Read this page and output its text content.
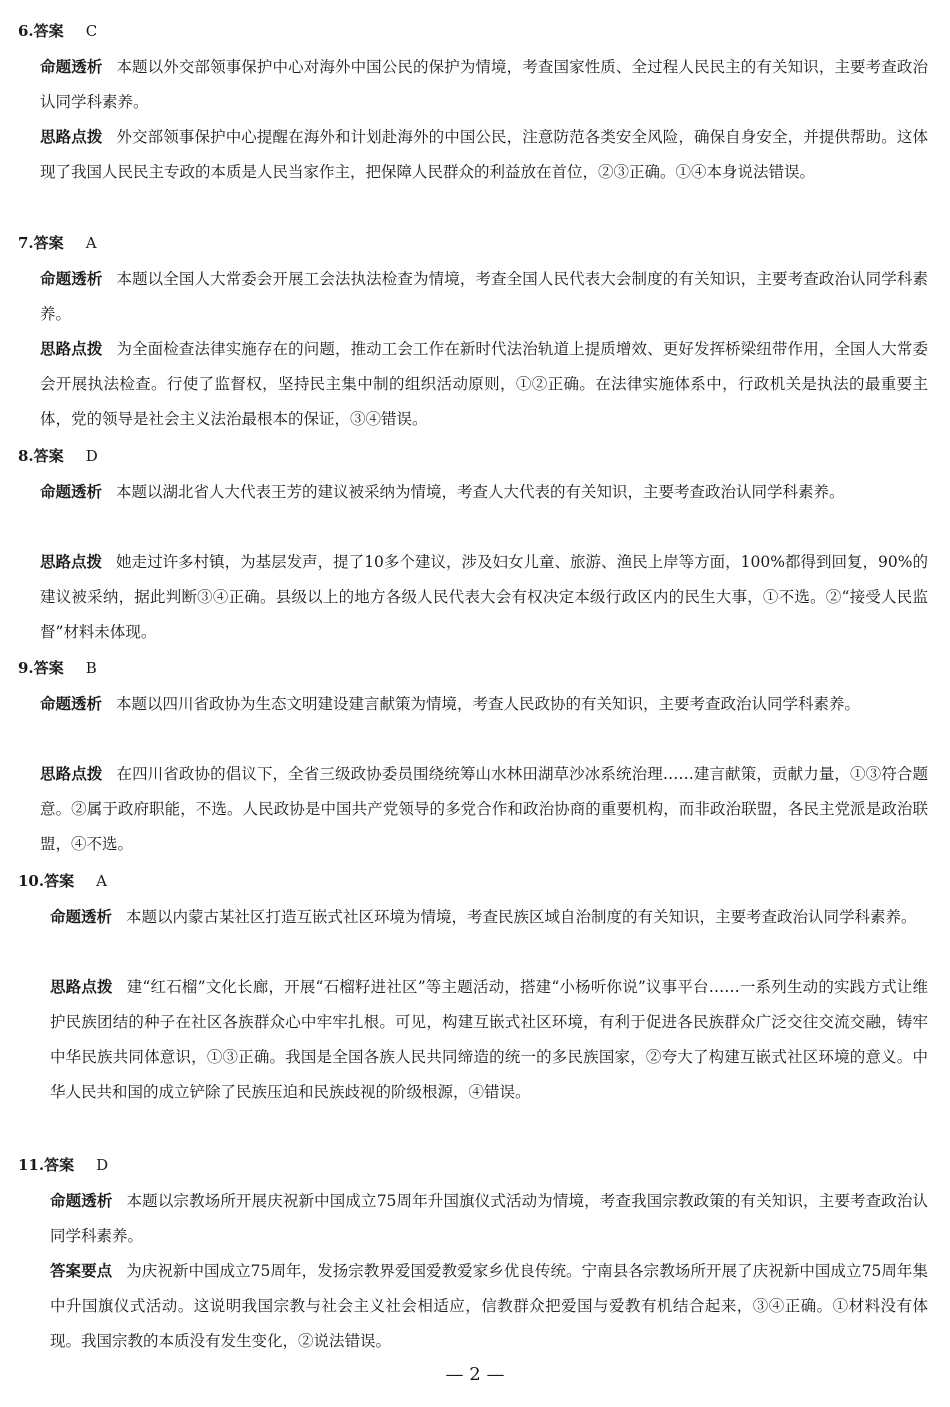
6.答案 C

命题透析 本题以外交部领事保护中心对海外中国公民的保护为情境，考查国家性质、全过程人民民主的有关知识，主要考查政治认同学科素养。

思路点拨 外交部领事保护中心提醒在海外和计划赴海外的中国公民，注意防范各类安全风险，确保自身安全，并提供帮助。这体现了我国人民民主专政的本质是人民当家作主，把保障人民群众的利益放在首位，②③正确。①④本身说法错误。

7.答案 A

命题透析 本题以全国人大常委会开展工会法执法检查为情境，考查全国人民代表大会制度的有关知识，主要考查政治认同学科素养。

思路点拨 为全面检查法律实施存在的问题，推动工会工作在新时代法治轨道上提质增效、更好发挥桥梁纽带作用，全国人大常委会开展执法检查。行使了监督权，坚持民主集中制的组织活动原则，①②正确。在法律实施体系中，行政机关是执法的最重要主体，党的领导是社会主义法治最根本的保证，③④错误。

8.答案 D

命题透析 本题以湖北省人大代表王芳的建议被采纳为情境，考查人大代表的有关知识，主要考查政治认同学科素养。

思路点拨 她走过许多村镇，为基层发声，提了10多个建议，涉及妇女儿童、旅游、渔民上岸等方面，100%都得到回复，90%的建议被采纳，据此判断③④正确。县级以上的地方各级人民代表大会有权决定本级行政区内的民生大事，①不选。②“接受人民监督”材料未体现。

9.答案 B

命题透析 本题以四川省政协为生态文明建设建言献策为情境，考查人民政协的有关知识，主要考查政治认同学科素养。

思路点拨 在四川省政协的倡议下，全省三级政协委员围绕统筹山水林田湖草沙冰系统治理……建言献策，贡献力量，①③符合题意。②属于政府职能，不选。人民政协是中国共产党领导的多党合作和政治协商的重要机构，而非政治联盟，各民主党派是政治联盟，④不选。

10.答案 A

命题透析 本题以内蒙古某社区打造互嵌式社区环境为情境，考查民族区域自治制度的有关知识，主要考查政治认同学科素养。

思路点拨 建“红石榴”文化长廊，开展“石榴籽进社区”等主题活动，搭建“小杨听你说”议事平台……一系列生动的实践方式让维护民族团结的种子在社区各族群众心中牢牢扎根。可见，构建互嵌式社区环境，有利于促进各民族群众广泛交往交流交融，铸牢中华民族共同体意识，①③正确。我国是全国各族人民共同缔造的统一的多民族国家，②夸大了构建互嵌式社区环境的意义。中华人民共和国的成立铲除了民族压迫和民族歧视的阶级根源，④错误。

11.答案 D

命题透析 本题以宗教场所开展庆祝新中国成立75周年升国旗仪式活动为情境，考查我国宗教政策的有关知识，主要考查政治认同学科素养。

答案要点 为庆祝新中国成立75周年，发扬宗教界爱国爱教爱家乡优良传统。宁南县各宗教场所开展了庆祝新中国成立75周年集中升国旗仪式活动。这说明我国宗教与社会主义社会相适应，信教群众把爱国与爱教有机结合起来，③④正确。①材料没有体现。我国宗教的本质没有发生变化，②说法错误。

— 2 —
